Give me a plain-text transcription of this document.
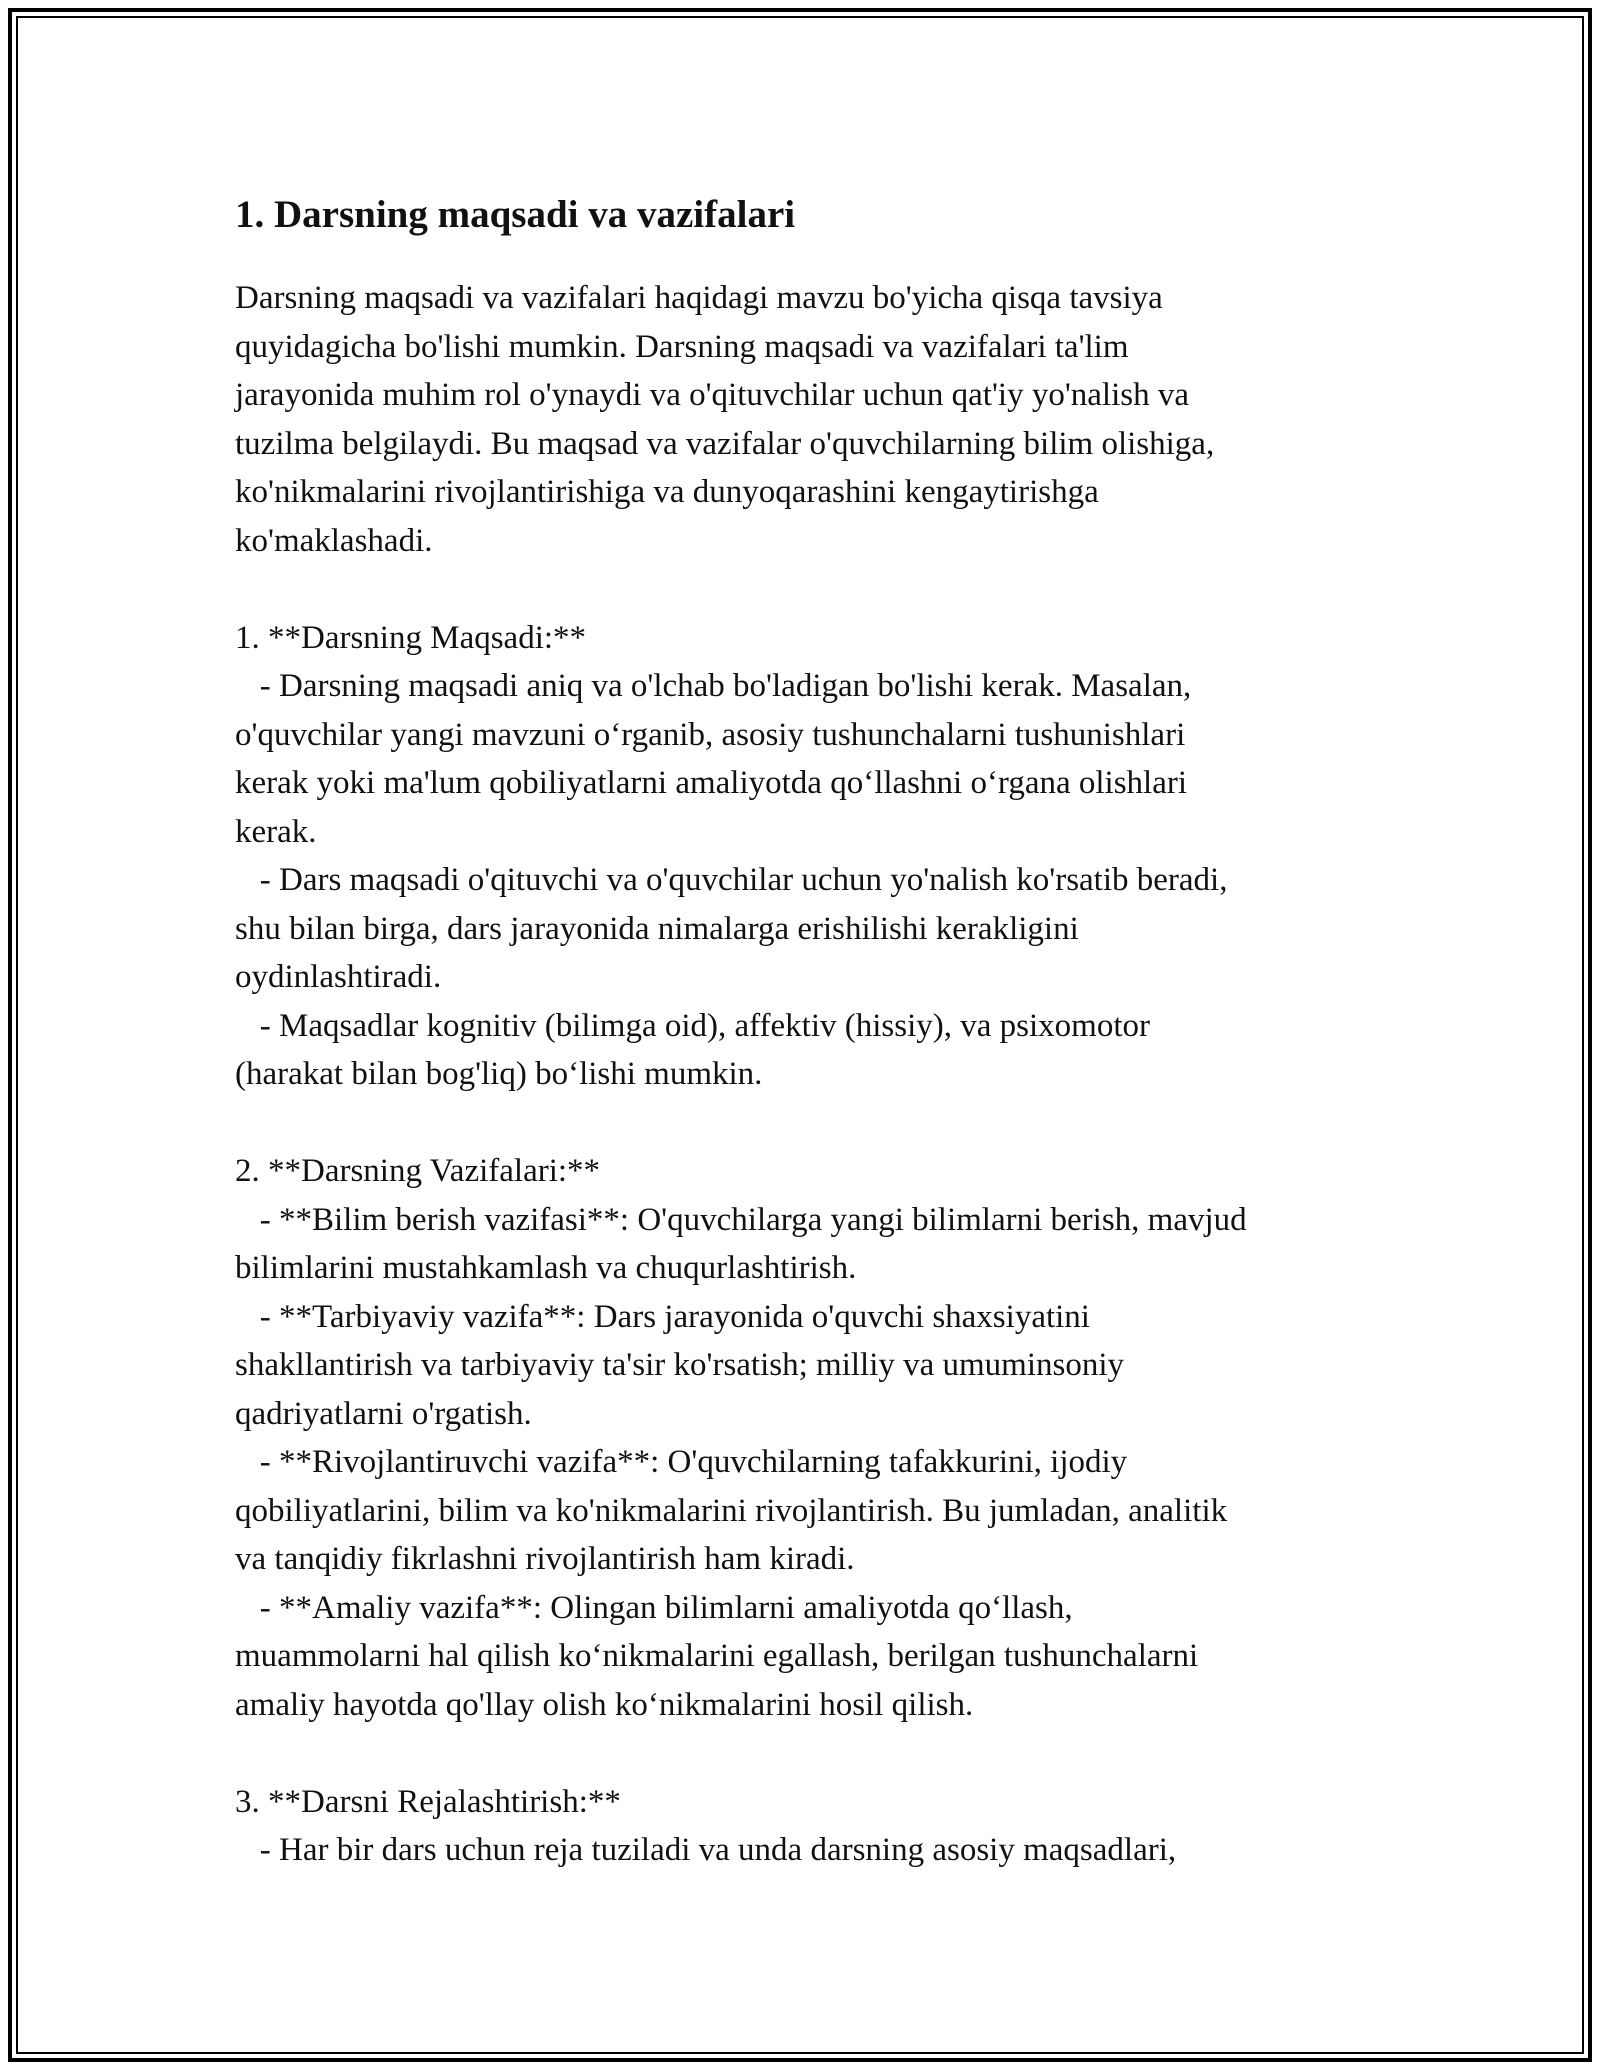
1. Darsning maqsadi va vazifalari

Darsning maqsadi va vazifalari haqidagi mavzu bo'yicha qisqa tavsiya

quyidagicha bo'lishi mumkin. Darsning maqsadi va vazifalari ta'lim

jarayonida muhim rol o'ynaydi va o'qituvchilar uchun qat'iy yo'nalish va

tuzilma belgilaydi. Bu maqsad va vazifalar o'quvchilarning bilim olishiga,

ko'nikmalarini rivojlantirishiga va dunyoqarashini kengaytirishga

ko'maklashadi.

1. **Darsning Maqsadi:**

- Darsning maqsadi aniq va o'lchab bo'ladigan bo'lishi kerak. Masalan,

o'quvchilar yangi mavzuni o‘rganib, asosiy tushunchalarni tushunishlari

kerak yoki ma'lum qobiliyatlarni amaliyotda qo‘llashni o‘rgana olishlari

kerak.

- Dars maqsadi o'qituvchi va o'quvchilar uchun yo'nalish ko'rsatib beradi,

shu bilan birga, dars jarayonida nimalarga erishilishi kerakligini

oydinlashtiradi.

- Maqsadlar kognitiv (bilimga oid), affektiv (hissiy), va psixomotor

(harakat bilan bog'liq) bo‘lishi mumkin.

2. **Darsning Vazifalari:**

- **Bilim berish vazifasi**: O'quvchilarga yangi bilimlarni berish, mavjud

bilimlarini mustahkamlash va chuqurlashtirish.

- **Tarbiyaviy vazifa**: Dars jarayonida o'quvchi shaxsiyatini

shakllantirish va tarbiyaviy ta'sir ko'rsatish; milliy va umuminsoniy

qadriyatlarni o'rgatish.

- **Rivojlantiruvchi vazifa**: O'quvchilarning tafakkurini, ijodiy

qobiliyatlarini, bilim va ko'nikmalarini rivojlantirish. Bu jumladan, analitik

va tanqidiy fikrlashni rivojlantirish ham kiradi.

- **Amaliy vazifa**: Olingan bilimlarni amaliyotda qo‘llash,

muammolarni hal qilish ko‘nikmalarini egallash, berilgan tushunchalarni

amaliy hayotda qo'llay olish ko‘nikmalarini hosil qilish.

3. **Darsni Rejalashtirish:**

- Har bir dars uchun reja tuziladi va unda darsning asosiy maqsadlari,
